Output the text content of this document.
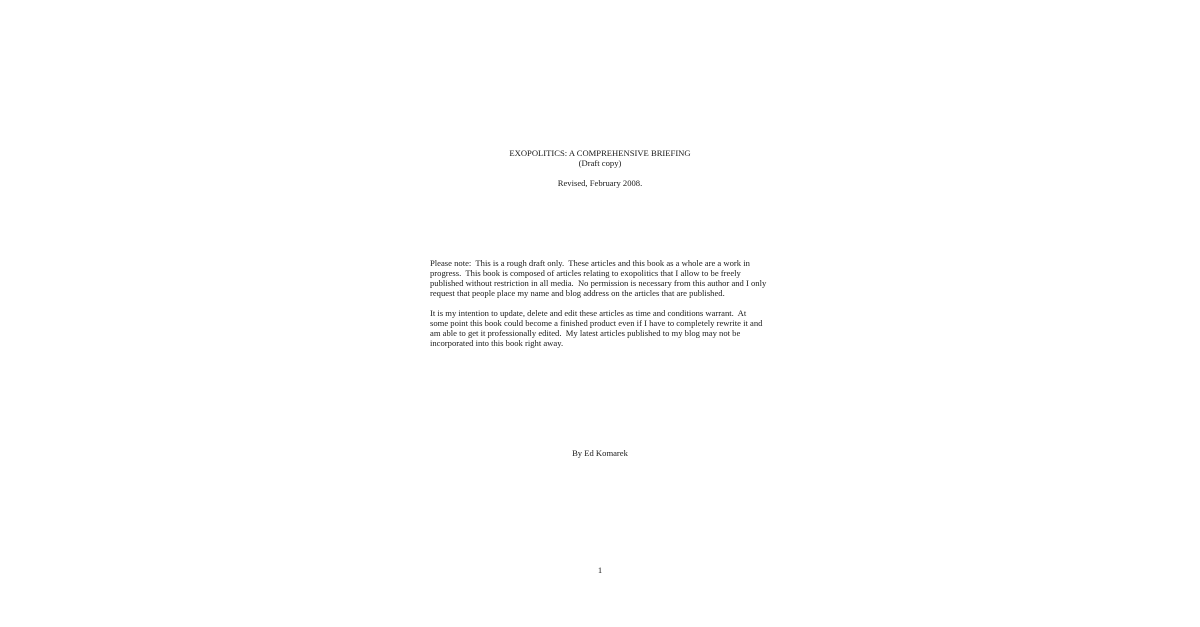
EXOPOLITICS: A COMPREHENSIVE BRIEFING
(Draft copy)
Revised, February 2008.
Please note:  This is a rough draft only.  These articles and this book as a whole are a work in
progress.  This book is composed of articles relating to exopolitics that I allow to be freely
published without restriction in all media.  No permission is necessary from this author and I only
request that people place my name and blog address on the articles that are published.
It is my intention to update, delete and edit these articles as time and conditions warrant.  At
some point this book could become a finished product even if I have to completely rewrite it and
am able to get it professionally edited.  My latest articles published to my blog may not be
incorporated into this book right away.
By Ed Komarek
1
